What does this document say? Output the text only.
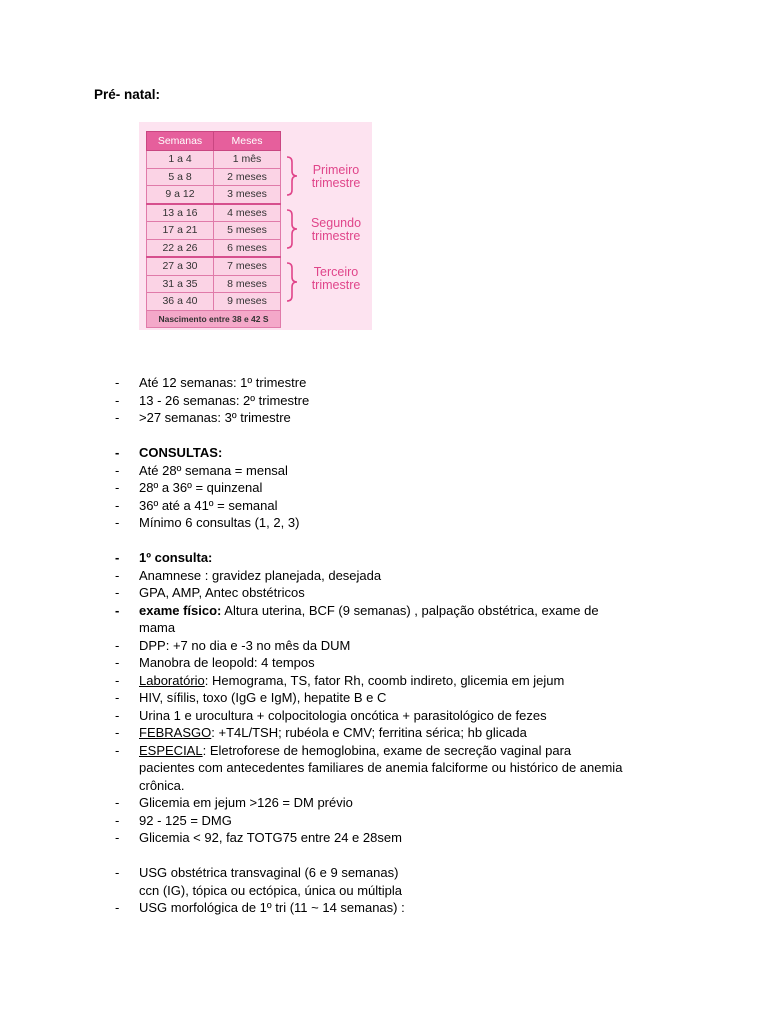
Pré- natal:
Semanas	Meses
1 a 4	1 mês
5 a 8	2 meses
9 a 12	3 meses
13 a 16	4 meses
17 a 21	5 meses
22 a 26	6 meses
27 a 30	7 meses
31 a 35	8 meses
36 a 40	9 meses
Nascimento entre 38 e 42 S	
Primeiro
trimestre
Segundo
trimestre
Terceiro
trimestre
- Até 12 semanas: 1º trimestre
- 13 - 26 semanas: 2º trimestre
- >27 semanas: 3º trimestre
- CONSULTAS:
- Até 28º semana = mensal
- 28º a 36º = quinzenal
- 36º até a 41º = semanal
- Mínimo 6 consultas (1, 2, 3)
- 1º consulta:
- Anamnese : gravidez planejada, desejada
- GPA, AMP, Antec obstétricos
- exame físico: Altura uterina, BCF (9 semanas) , palpação obstétrica, exame de
mama
- DPP: +7 no dia e -3 no mês da DUM
- Manobra de leopold: 4 tempos
- Laboratório: Hemograma, TS, fator Rh, coomb indireto, glicemia em jejum
- HIV, sífilis, toxo (IgG e IgM), hepatite B e C
- Urina 1 e urocultura + colpocitologia oncótica + parasitológico de fezes
- FEBRASGO: +T4L/TSH; rubéola e CMV; ferritina sérica; hb glicada
- ESPECIAL: Eletroforese de hemoglobina, exame de secreção vaginal para
pacientes com antecedentes familiares de anemia falciforme ou histórico de anemia
crônica.
- Glicemia em jejum >126 = DM prévio
- 92 - 125 = DMG
- Glicemia < 92, faz TOTG75 entre 24 e 28sem
- USG obstétrica transvaginal (6 e 9 semanas)
ccn (IG), tópica ou ectópica, única ou múltipla
- USG morfológica de 1º tri (11 ~ 14 semanas) :
